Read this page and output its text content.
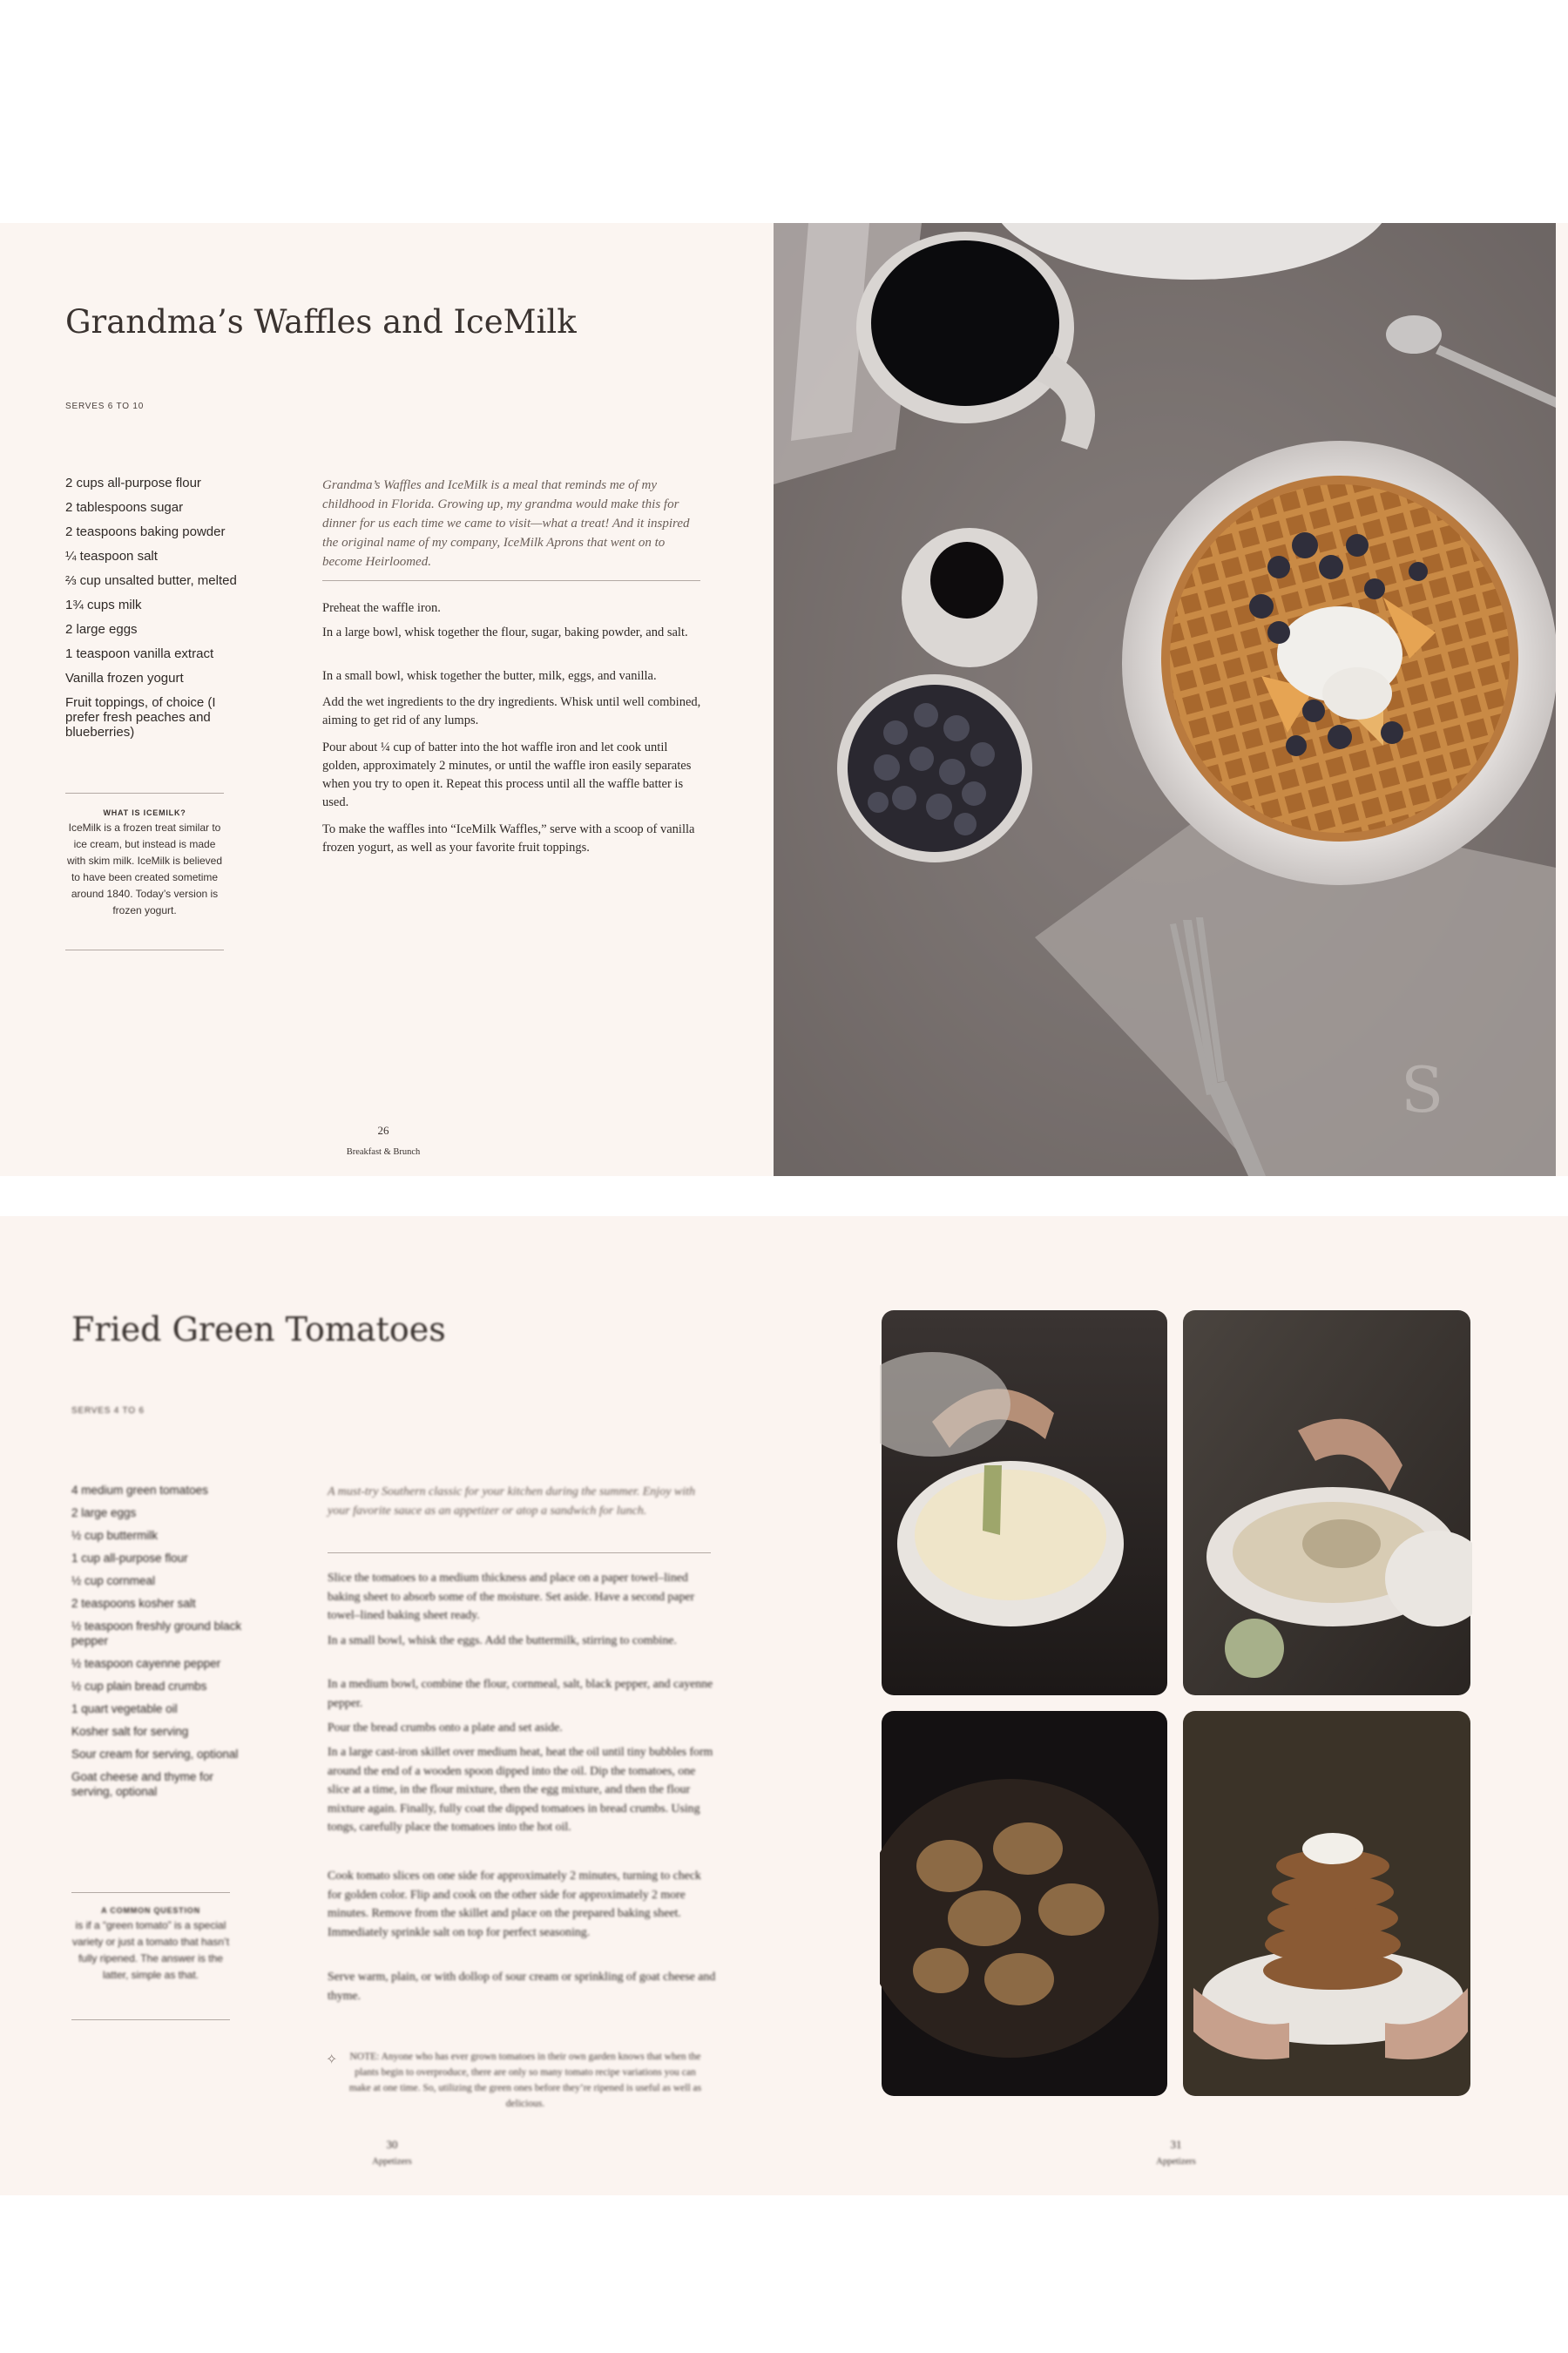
Grandma’s Waffles and IceMilk

SERVES 6 TO 10

2 cups all-purpose flour
2 tablespoons sugar
2 teaspoons baking powder
¼ teaspoon salt
⅔ cup unsalted butter, melted
1¾ cups milk
2 large eggs
1 teaspoon vanilla extract
Vanilla frozen yogurt
Fruit toppings, of choice (I prefer fresh peaches and blueberries)

Grandma’s Waffles and IceMilk is a meal that reminds me of my childhood in Florida. Growing up, my grandma would make this for dinner for us each time we came to visit—what a treat! And it inspired the original name of my company, IceMilk Aprons that went on to become Heirloomed.

Preheat the waffle iron.

In a large bowl, whisk together the flour, sugar, baking powder, and salt.

In a small bowl, whisk together the butter, milk, eggs, and vanilla.

Add the wet ingredients to the dry ingredients. Whisk until well combined, aiming to get rid of any lumps.

Pour about ¼ cup of batter into the hot waffle iron and let cook until golden, approximately 2 minutes, or until the waffle iron easily separates when you try to open it. Repeat this process until all the waffle batter is used.

To make the waffles into “IceMilk Waffles,” serve with a scoop of vanilla frozen yogurt, as well as your favorite fruit toppings.

WHAT IS ICEMILK?

IceMilk is a frozen treat similar to ice cream, but instead is made with skim milk. IceMilk is believed to have been created sometime around 1840. Today’s version is frozen yogurt.

26
Breakfast & Brunch
S
Fried Green Tomatoes

SERVES 4 TO 6

4 medium green tomatoes
2 large eggs
½ cup buttermilk
1 cup all-purpose flour
½ cup cornmeal
2 teaspoons kosher salt
½ teaspoon freshly ground black pepper
½ teaspoon cayenne pepper
½ cup plain bread crumbs
1 quart vegetable oil
Kosher salt for serving
Sour cream for serving, optional
Goat cheese and thyme for serving, optional

A must-try Southern classic for your kitchen during the summer. Enjoy with your favorite sauce as an appetizer or atop a sandwich for lunch.

Slice the tomatoes to a medium thickness and place on a paper towel–lined baking sheet to absorb some of the moisture. Set aside. Have a second paper towel–lined baking sheet ready.

In a small bowl, whisk the eggs. Add the buttermilk, stirring to combine.

In a medium bowl, combine the flour, cornmeal, salt, black pepper, and cayenne pepper.

Pour the bread crumbs onto a plate and set aside.

In a large cast-iron skillet over medium heat, heat the oil until tiny bubbles form around the end of a wooden spoon dipped into the oil. Dip the tomatoes, one slice at a time, in the flour mixture, then the egg mixture, and then the flour mixture again. Finally, fully coat the dipped tomatoes in bread crumbs. Using tongs, carefully place the tomatoes into the hot oil.

Cook tomato slices on one side for approximately 2 minutes, turning to check for golden color. Flip and cook on the other side for approximately 2 more minutes. Remove from the skillet and place on the prepared baking sheet. Immediately sprinkle salt on top for perfect seasoning.

Serve warm, plain, or with dollop of sour cream or sprinkling of goat cheese and thyme.

A COMMON QUESTION

is if a “green tomato” is a special variety or just a tomato that hasn’t fully ripened. The answer is the latter, simple as that.

✧	NOTE: Anyone who has ever grown tomatoes in their own garden knows that when the plants begin to overproduce, there are only so many tomato recipe variations you can make at one time. So, utilizing the green ones before they’re ripened is useful as well as delicious.

30
Appetizers
31
Appetizers
